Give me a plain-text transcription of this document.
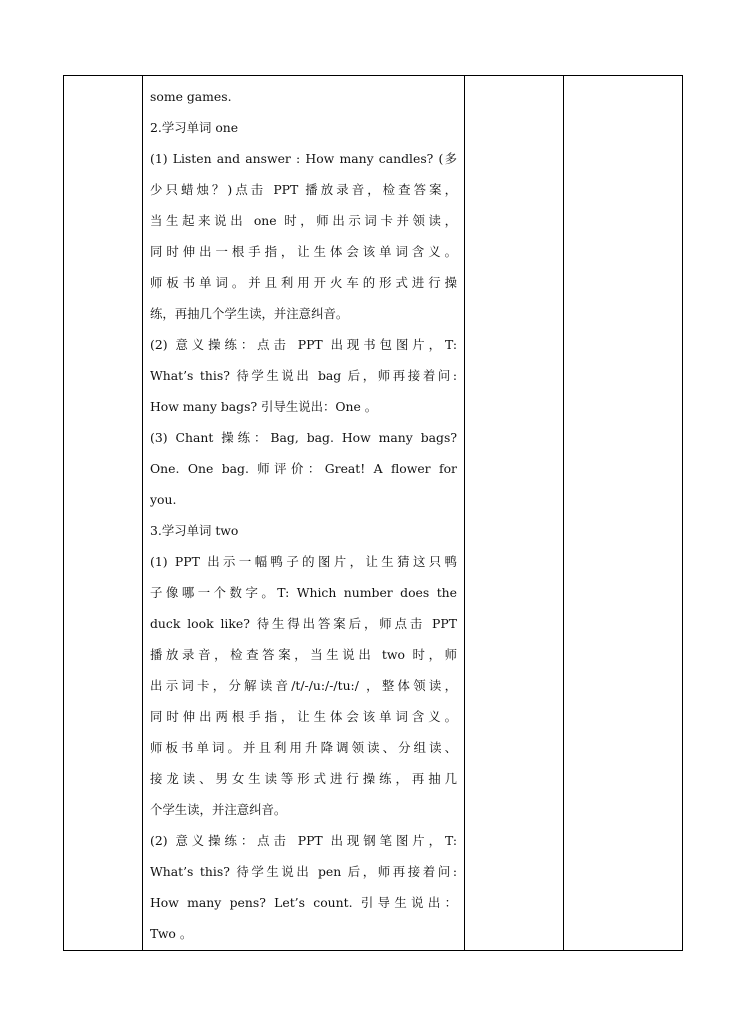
some games.
2.学习单词 one
(1) Listen and answer : How many candles? (多
少只蜡烛？)点击 PPT 播放录音，检查答案，
当生起来说出 one 时，师出示词卡并领读，
同时伸出一根手指，让生体会该单词含义。
师板书单词。并且利用开火车的形式进行操
练，再抽几个学生读，并注意纠音。
(2) 意义操练：点击 PPT 出现书包图片，T:
What’s this? 待学生说出 bag 后，师再接着问:
How many bags? 引导生说出：One 。
(3) Chant 操练：Bag, bag. How many bags?
One. One bag. 师评价：Great! A flower for
you.
3.学习单词 two
(1) PPT 出示一幅鸭子的图片，让生猜这只鸭
子像哪一个数字。T: Which number does the
duck look like? 待生得出答案后，师点击 PPT
播放录音，检查答案，当生说出 two 时，师
出示词卡，分解读音/t/-/u:/-/tu:/ ，整体领读，
同时伸出两根手指，让生体会该单词含义。
师板书单词。并且利用升降调领读、分组读、
接龙读、男女生读等形式进行操练，再抽几
个学生读，并注意纠音。
(2) 意义操练：点击 PPT 出现钢笔图片，T:
What’s this? 待学生说出 pen 后，师再接着问:
How many pens? Let’s count. 引导生说出：
Two 。
